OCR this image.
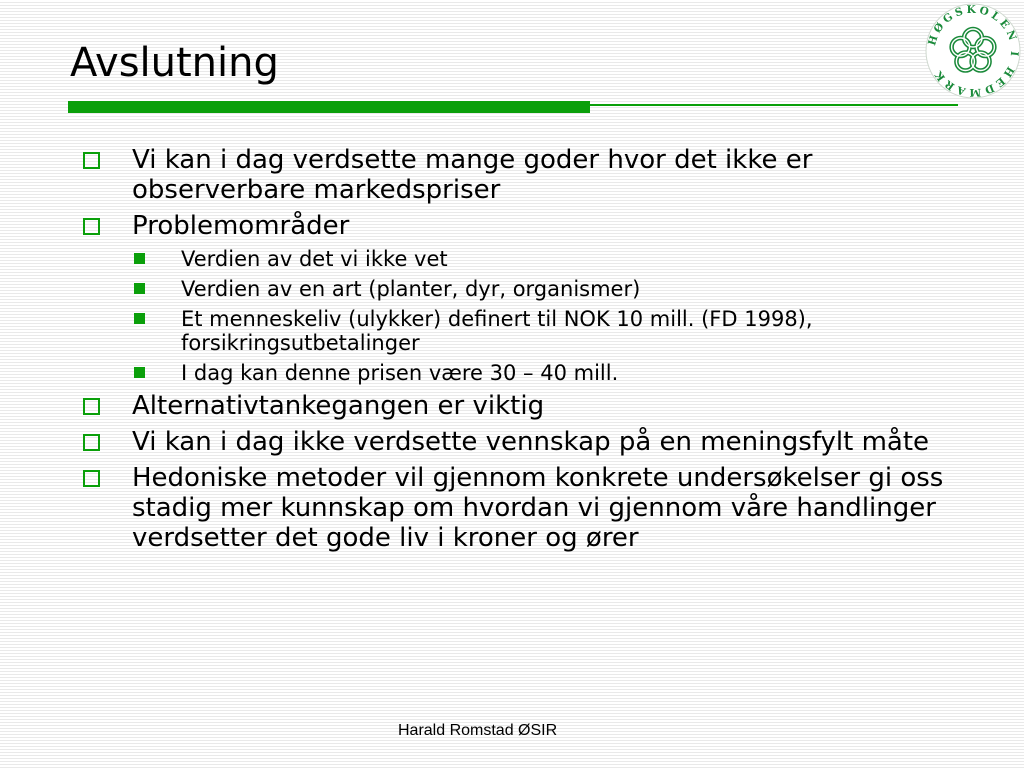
Avslutning
HØGSKOLEN I HEDMARK
Vi kan i dag verdsette mange goder hvor det ikke er observerbare markedspriser
Problemområder
Verdien av det vi ikke vet
Verdien av en art (planter, dyr, organismer)
Et menneskeliv (ulykker) definert til NOK 10 mill. (FD 1998), forsikringsutbetalinger
I dag kan denne prisen være 30 – 40 mill.
Alternativtankegangen er viktig
Vi kan i dag ikke verdsette vennskap på en meningsfylt måte
Hedoniske metoder vil gjennom konkrete undersøkelser gi oss stadig mer kunnskap om hvordan vi gjennom våre handlinger verdsetter det gode liv i kroner og ører
Harald Romstad ØSIR
